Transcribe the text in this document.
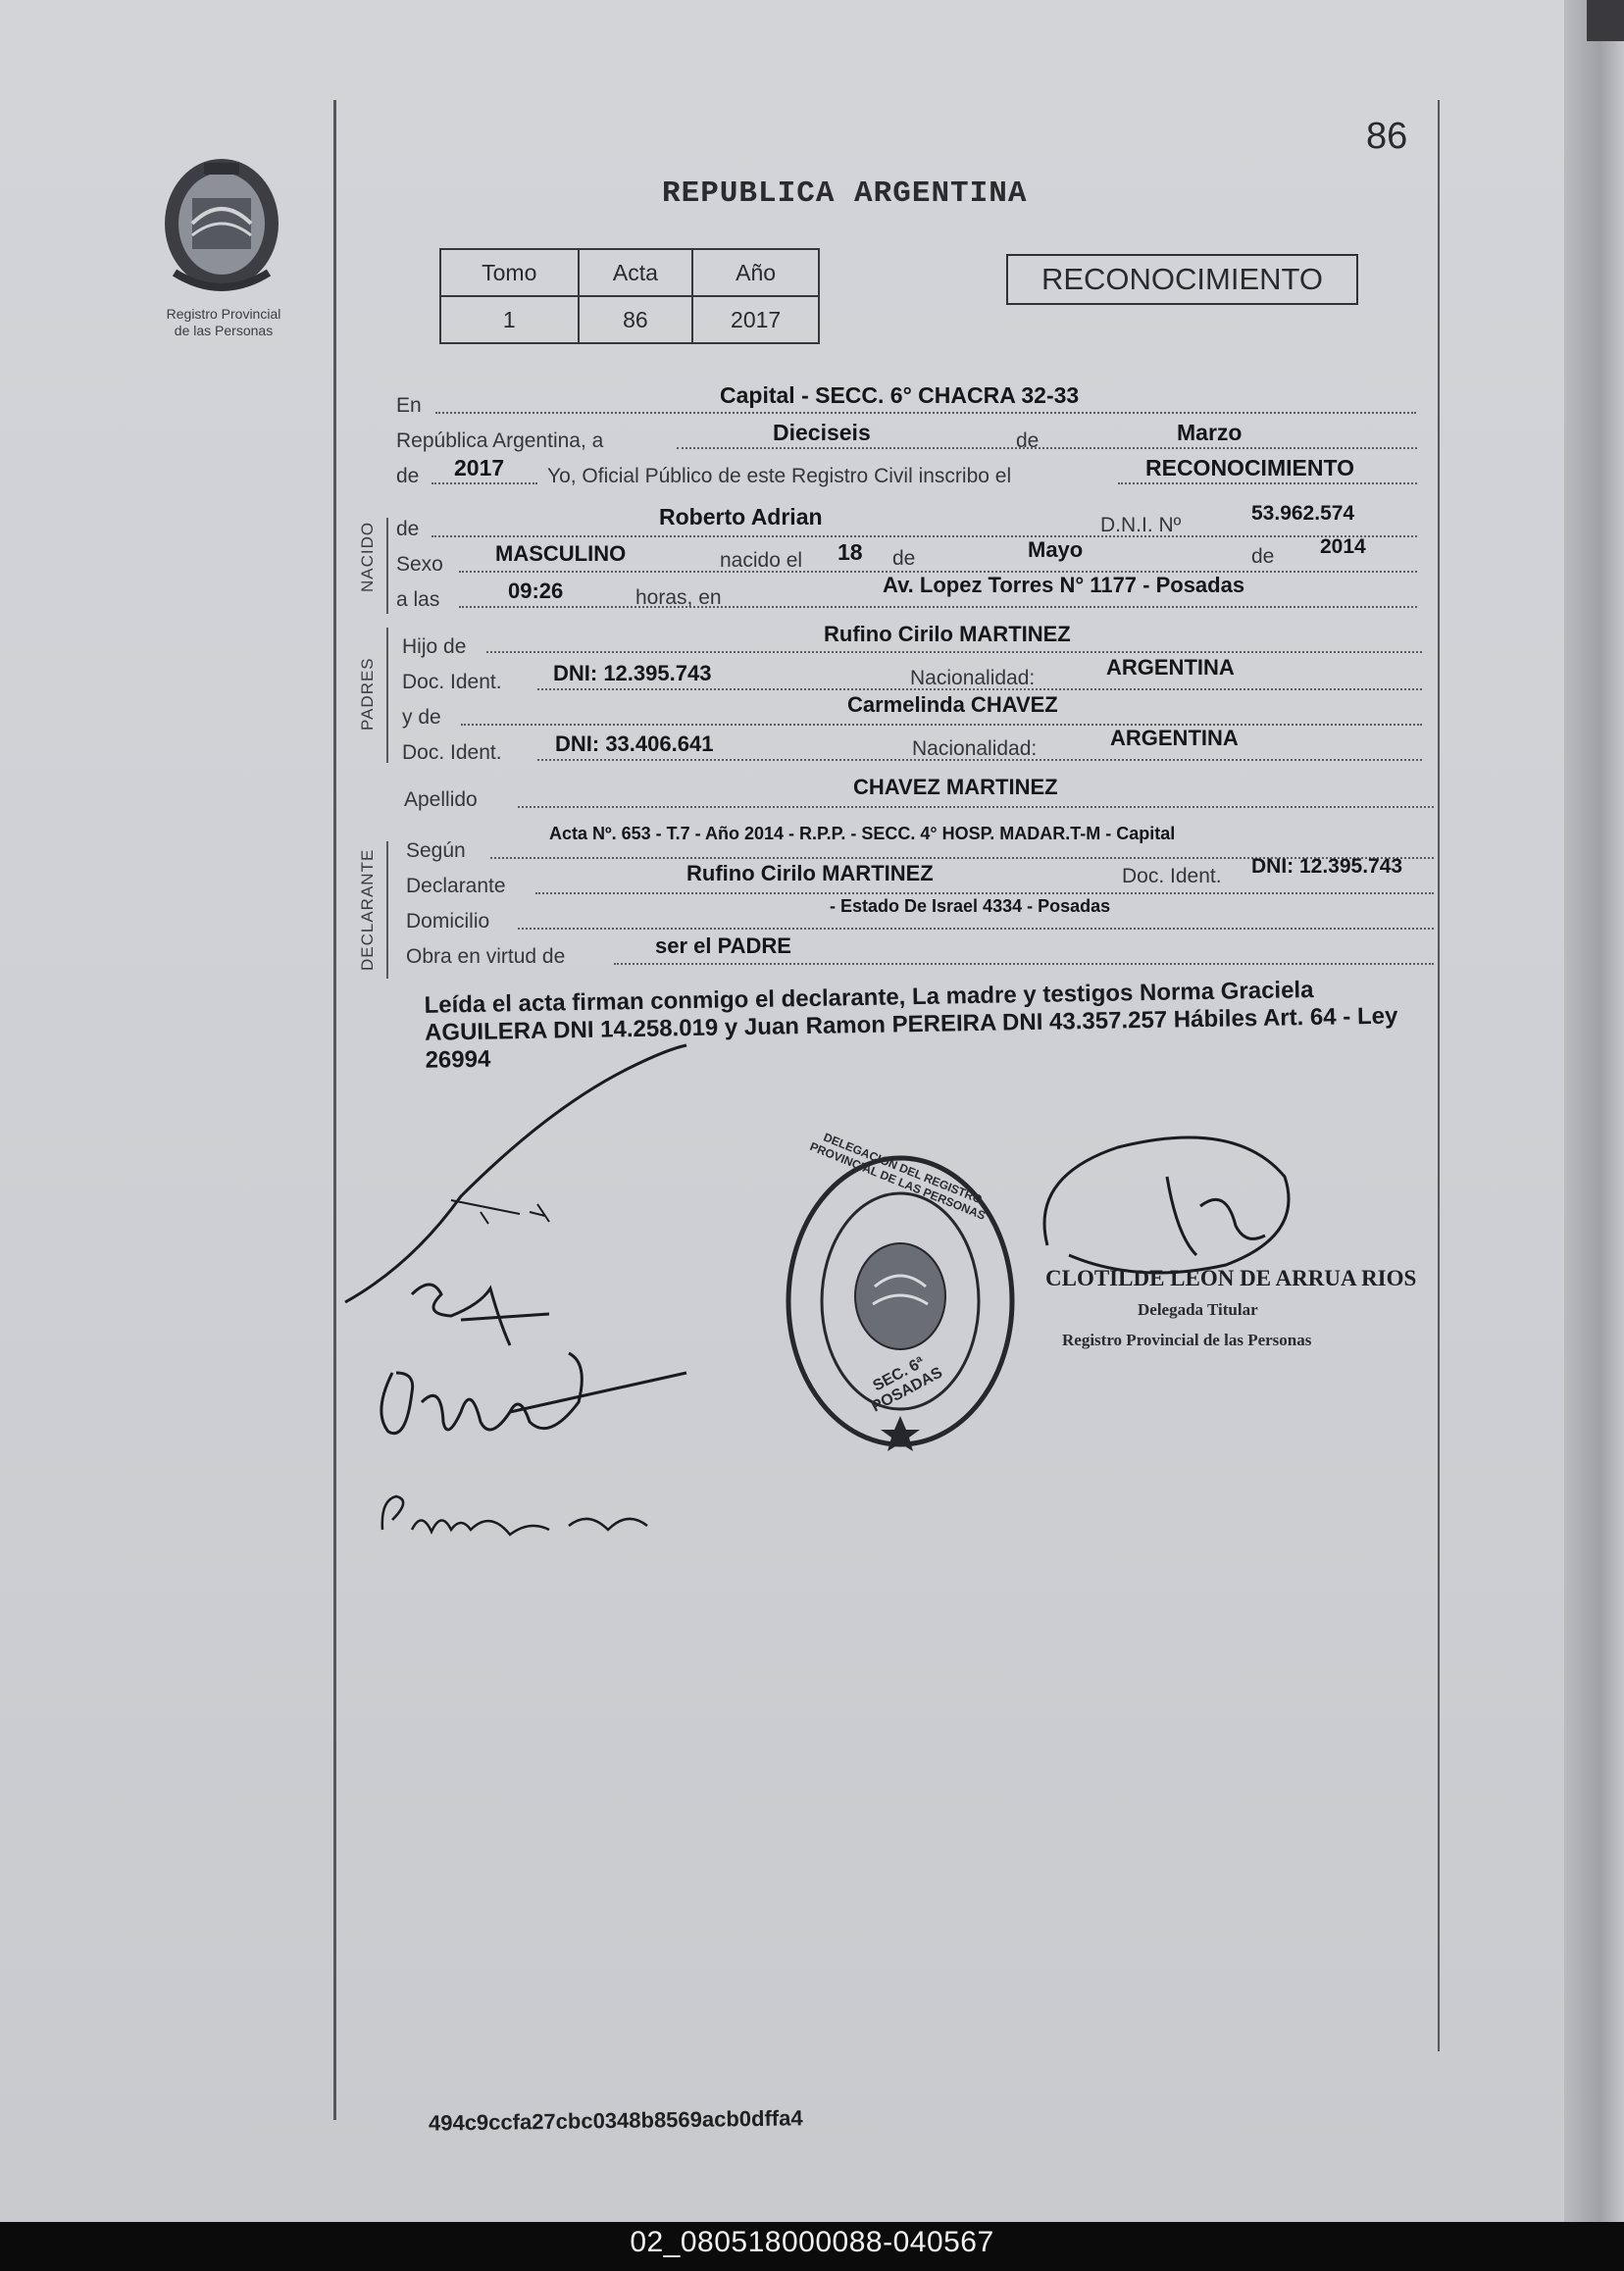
Registro Provincial
de las Personas
86
REPUBLICA ARGENTINA
Tomo	Acta	Año
1	86	2017
RECONOCIMIENTO
En	Capital - SECC. 6° CHACRA 32-33
República Argentina, a	Dieciseis	de	Marzo
de 2017 Yo, Oficial Público de este Registro Civil inscribo el	RECONOCIMIENTO
NACIDO de	Roberto Adrian	D.N.I. Nº
53.962.574
Sexo MASCULINO	nacido el 18 de	Mayo	de 2014
a las	09:26	horas, en
Av. Lopez Torres N° 1177 - Posadas
PADRES
Hijo de
Rufino Cirilo MARTINEZ
Doc. Ident. DNI: 12.395.743	Nacionalidad:	ARGENTINA
y de
Carmelinda CHAVEZ
Doc. Ident. DNI: 33.406.641	Nacionalidad:	ARGENTINA
Apellido
CHAVEZ MARTINEZ
DECLARANTE Según
Acta Nº. 653 - T.7 - Año 2014 - R.P.P. - SECC. 4° HOSP. MADAR.T-M - Capital
Declarante
Rufino Cirilo MARTINEZ	Doc. Ident. DNI: 12.395.743
Domicilio
- Estado De Israel 4334 - Posadas
Obra en virtud de	ser el PADRE
Leída el acta firman conmigo el declarante, La madre y testigos Norma Graciela AGUILERA DNI 14.258.019 y Juan Ramon PEREIRA DNI 43.357.257 Hábiles Art. 64 - Ley 26994
DELEGACION DEL REGISTRO PROVINCIAL DE LAS PERSONAS
SEC. 6ª POSADAS
CLOTILDE LEON DE ARRUA RIOS
Delegada Titular
Registro Provincial de las Personas
494c9ccfa27cbc0348b8569acb0dffa4
02_080518000088-040567
